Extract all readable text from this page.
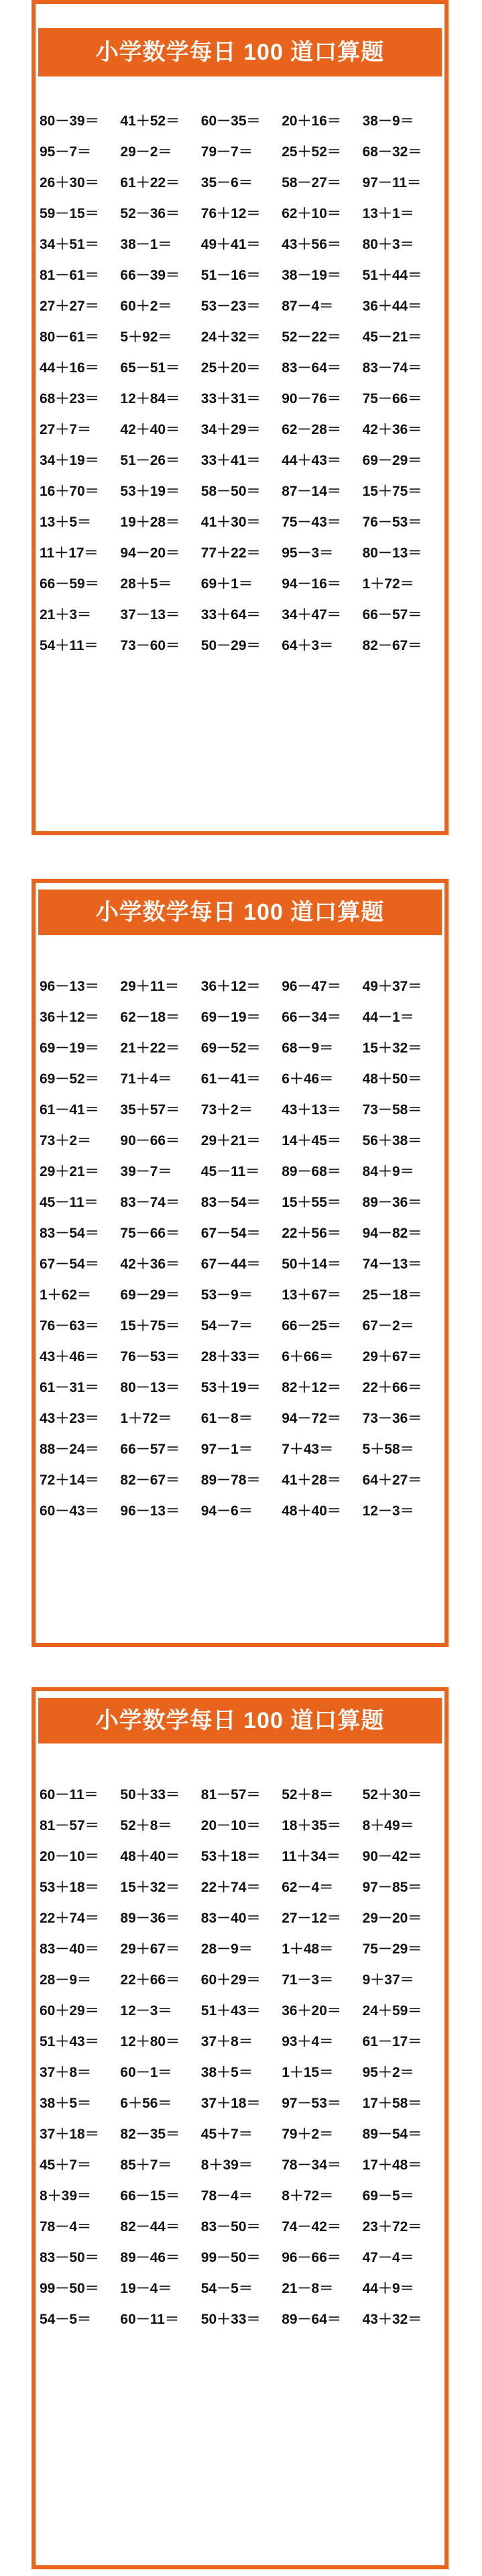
小学数学每日 100 道口算题
80－39＝	41＋52＝	60－35＝	20＋16＝	38－9＝
95－7＝	29－2＝	79－7＝	25＋52＝	68－32＝
26＋30＝	61＋22＝	35－6＝	58－27＝	97－11＝
59－15＝	52－36＝	76＋12＝	62＋10＝	13＋1＝
34＋51＝	38－1＝	49＋41＝	43＋56＝	80＋3＝
81－61＝	66－39＝	51－16＝	38－19＝	51＋44＝
27＋27＝	60＋2＝	53－23＝	87－4＝	36＋44＝
80－61＝	5＋92＝	24＋32＝	52－22＝	45－21＝
44＋16＝	65－51＝	25＋20＝	83－64＝	83－74＝
68＋23＝	12＋84＝	33＋31＝	90－76＝	75－66＝
27＋7＝	42＋40＝	34＋29＝	62－28＝	42＋36＝
34＋19＝	51－26＝	33＋41＝	44＋43＝	69－29＝
16＋70＝	53＋19＝	58－50＝	87－14＝	15＋75＝
13＋5＝	19＋28＝	41＋30＝	75－43＝	76－53＝
11＋17＝	94－20＝	77＋22＝	95－3＝	80－13＝
66－59＝	28＋5＝	69＋1＝	94－16＝	1＋72＝
21＋3＝	37－13＝	33＋64＝	34＋47＝	66－57＝
54＋11＝	73－60＝	50－29＝	64＋3＝	82－67＝
小学数学每日 100 道口算题
96－13＝	29＋11＝	36＋12＝	96－47＝	49＋37＝
36＋12＝	62－18＝	69－19＝	66－34＝	44－1＝
69－19＝	21＋22＝	69－52＝	68－9＝	15＋32＝
69－52＝	71＋4＝	61－41＝	6＋46＝	48＋50＝
61－41＝	35＋57＝	73＋2＝	43＋13＝	73－58＝
73＋2＝	90－66＝	29＋21＝	14＋45＝	56＋38＝
29＋21＝	39－7＝	45－11＝	89－68＝	84＋9＝
45－11＝	83－74＝	83－54＝	15＋55＝	89－36＝
83－54＝	75－66＝	67－54＝	22＋56＝	94－82＝
67－54＝	42＋36＝	67－44＝	50＋14＝	74－13＝
1＋62＝	69－29＝	53－9＝	13＋67＝	25－18＝
76－63＝	15＋75＝	54－7＝	66－25＝	67－2＝
43＋46＝	76－53＝	28＋33＝	6＋66＝	29＋67＝
61－31＝	80－13＝	53＋19＝	82＋12＝	22＋66＝
43＋23＝	1＋72＝	61－8＝	94－72＝	73－36＝
88－24＝	66－57＝	97－1＝	7＋43＝	5＋58＝
72＋14＝	82－67＝	89－78＝	41＋28＝	64＋27＝
60－43＝	96－13＝	94－6＝	48＋40＝	12－3＝
小学数学每日 100 道口算题
60－11＝	50＋33＝	81－57＝	52＋8＝	52＋30＝
81－57＝	52＋8＝	20－10＝	18＋35＝	8＋49＝
20－10＝	48＋40＝	53＋18＝	11＋34＝	90－42＝
53＋18＝	15＋32＝	22＋74＝	62－4＝	97－85＝
22＋74＝	89－36＝	83－40＝	27－12＝	29－20＝
83－40＝	29＋67＝	28－9＝	1＋48＝	75－29＝
28－9＝	22＋66＝	60＋29＝	71－3＝	9＋37＝
60＋29＝	12－3＝	51＋43＝	36＋20＝	24＋59＝
51＋43＝	12＋80＝	37＋8＝	93＋4＝	61－17＝
37＋8＝	60－1＝	38＋5＝	1＋15＝	95＋2＝
38＋5＝	6＋56＝	37＋18＝	97－53＝	17＋58＝
37＋18＝	82－35＝	45＋7＝	79＋2＝	89－54＝
45＋7＝	85＋7＝	8＋39＝	78－34＝	17＋48＝
8＋39＝	66－15＝	78－4＝	8＋72＝	69－5＝
78－4＝	82－44＝	83－50＝	74－42＝	23＋72＝
83－50＝	89－46＝	99－50＝	96－66＝	47－4＝
99－50＝	19－4＝	54－5＝	21－8＝	44＋9＝
54－5＝	60－11＝	50＋33＝	89－64＝	43＋32＝
